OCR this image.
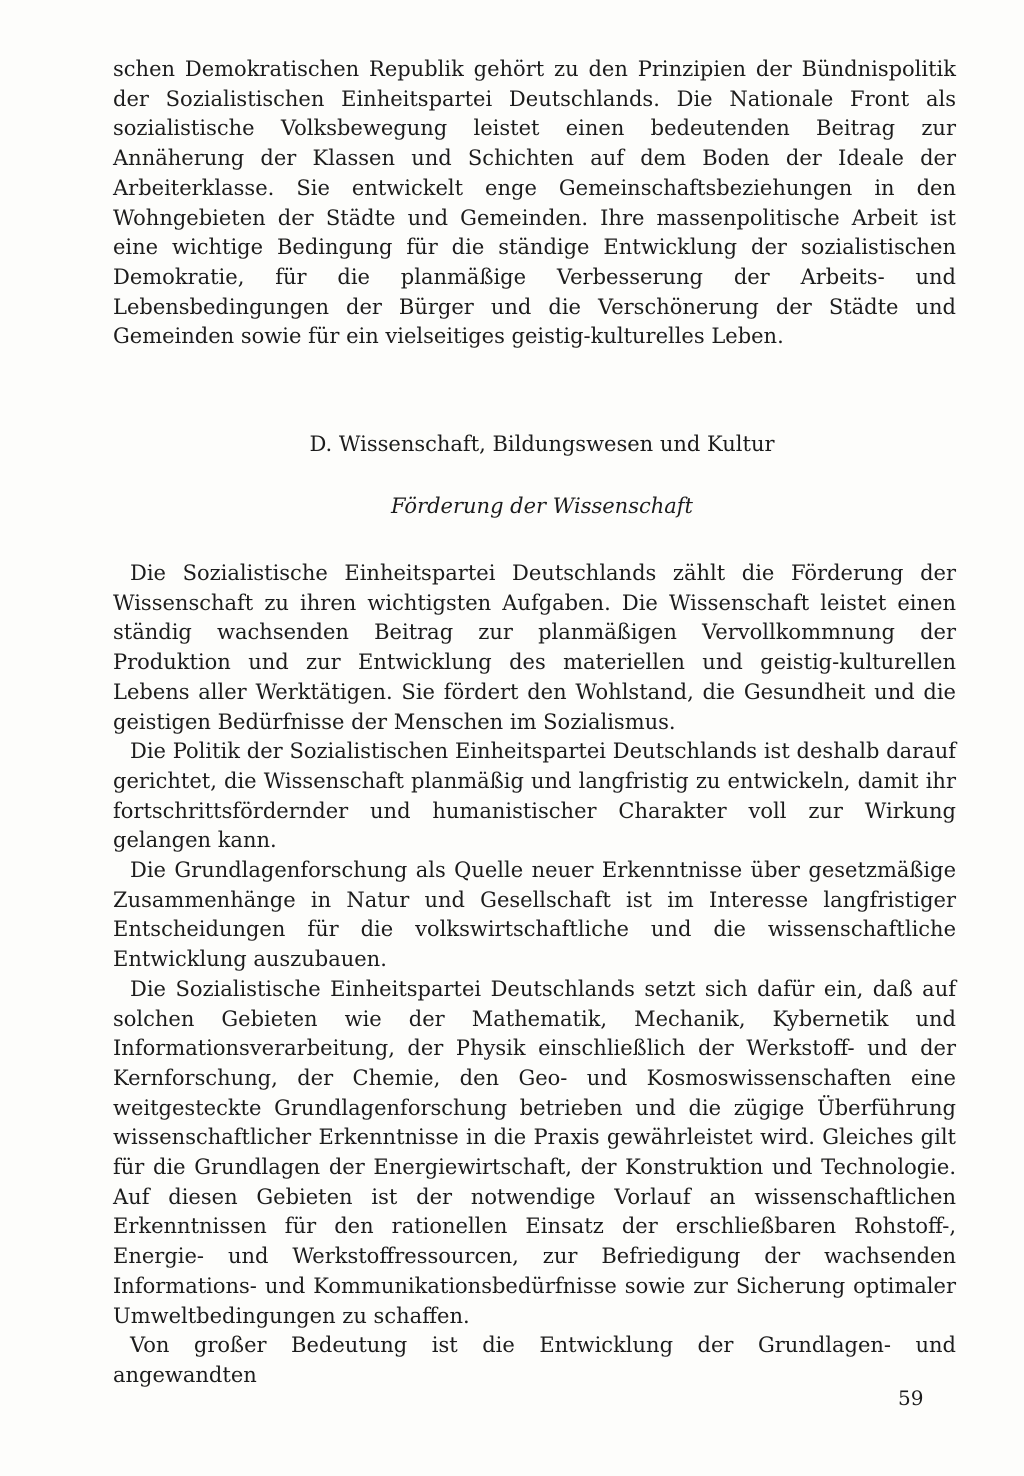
schen Demokratischen Republik gehört zu den Prinzipien der Bündnispolitik der Sozialistischen Einheitspartei Deutschlands. Die Nationale Front als sozialistische Volksbewegung leistet einen bedeutenden Beitrag zur Annäherung der Klassen und Schichten auf dem Boden der Ideale der Arbeiterklasse. Sie entwickelt enge Gemeinschaftsbeziehungen in den Wohngebieten der Städte und Gemeinden. Ihre massenpolitische Arbeit ist eine wichtige Bedingung für die ständige Entwicklung der sozialistischen Demokratie, für die planmäßige Verbesserung der Arbeits- und Lebensbedingungen der Bürger und die Verschönerung der Städte und Gemeinden sowie für ein vielseitiges geistig-kulturelles Leben.

D. Wissenschaft, Bildungswesen und Kultur
Förderung der Wissenschaft

Die Sozialistische Einheitspartei Deutschlands zählt die Förderung der Wissenschaft zu ihren wichtigsten Aufgaben. Die Wissenschaft leistet einen ständig wachsenden Beitrag zur planmäßigen Vervollkommnung der Produktion und zur Entwicklung des materiellen und geistig-kulturellen Lebens aller Werktätigen. Sie fördert den Wohlstand, die Gesundheit und die geistigen Bedürfnisse der Menschen im Sozialismus.

Die Politik der Sozialistischen Einheitspartei Deutschlands ist deshalb darauf gerichtet, die Wissenschaft planmäßig und langfristig zu entwickeln, damit ihr fortschrittsfördernder und humanistischer Charakter voll zur Wirkung gelangen kann.

Die Grundlagenforschung als Quelle neuer Erkenntnisse über gesetzmäßige Zusammenhänge in Natur und Gesellschaft ist im Interesse langfristiger Entscheidungen für die volkswirtschaftliche und die wissenschaftliche Entwicklung auszubauen.

Die Sozialistische Einheitspartei Deutschlands setzt sich dafür ein, daß auf solchen Gebieten wie der Mathematik, Mechanik, Kybernetik und Informationsverarbeitung, der Physik einschließlich der Werkstoff- und der Kernforschung, der Chemie, den Geo- und Kosmoswissenschaften eine weitgesteckte Grundlagenforschung betrieben und die zügige Überführung wissenschaftlicher Erkenntnisse in die Praxis gewährleistet wird. Gleiches gilt für die Grundlagen der Energiewirtschaft, der Konstruktion und Technologie. Auf diesen Gebieten ist der notwendige Vorlauf an wissenschaftlichen Erkenntnissen für den rationellen Einsatz der erschließbaren Rohstoff-, Energie- und Werkstoffressourcen, zur Befriedigung der wachsenden Informations- und Kommunikationsbedürfnisse sowie zur Sicherung optimaler Umweltbedingungen zu schaffen.

Von großer Bedeutung ist die Entwicklung der Grundlagen- und angewandten

59
